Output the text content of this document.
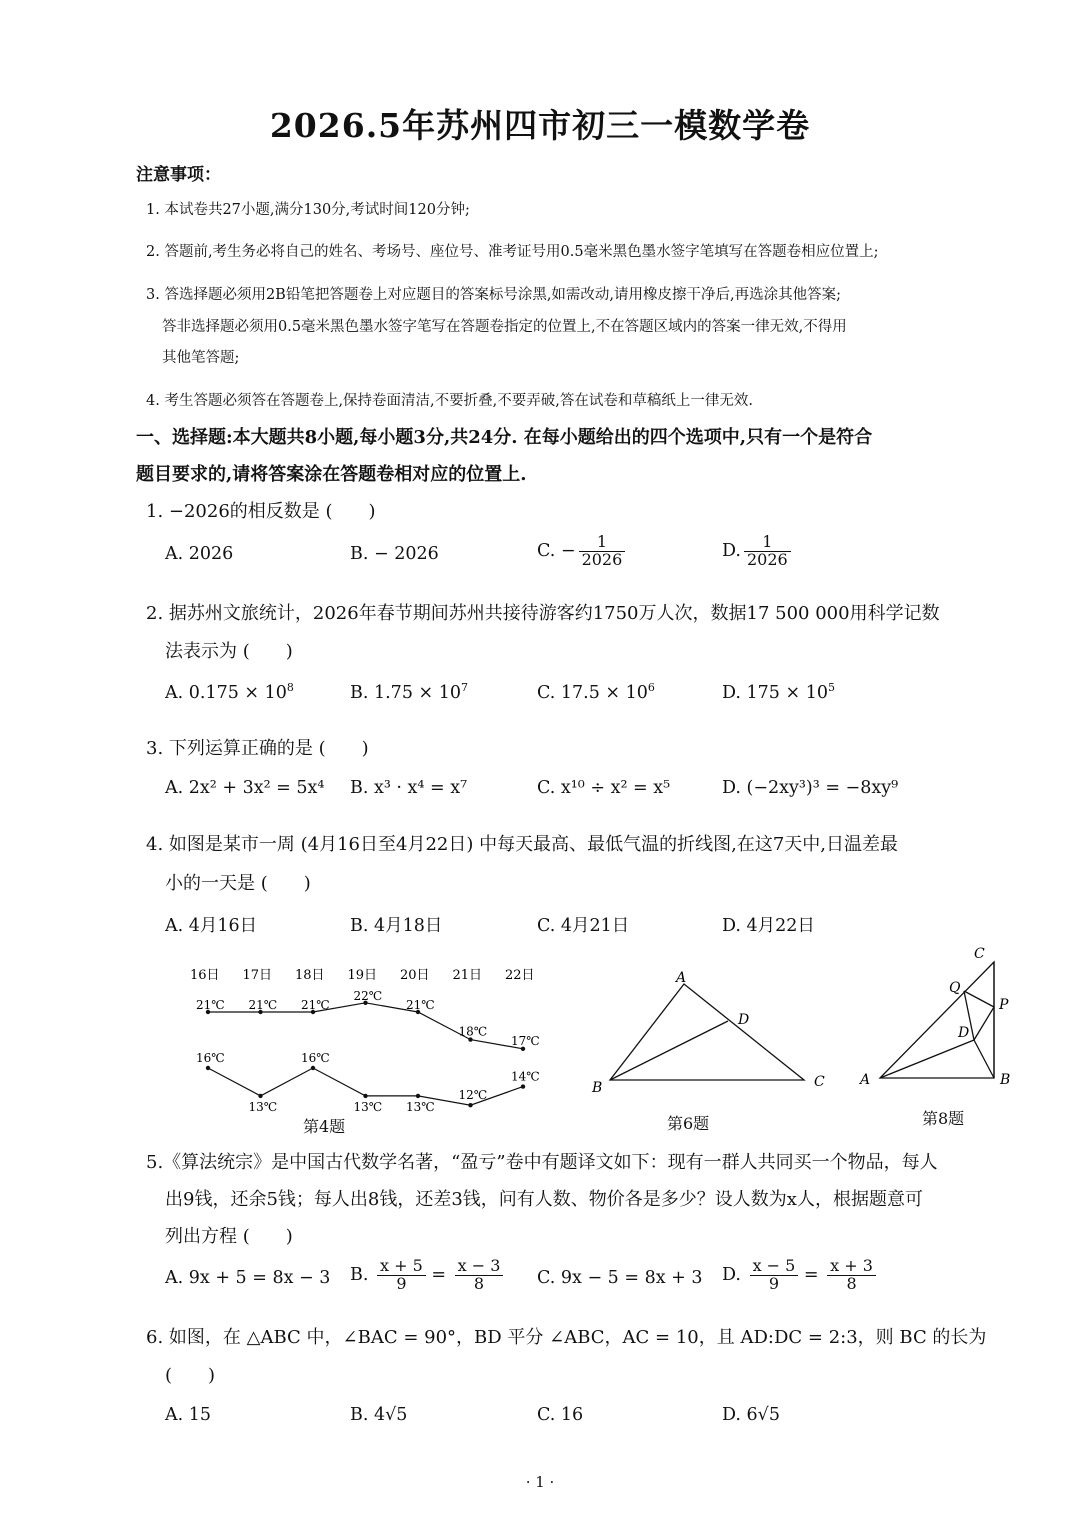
2026.5年苏州四市初三一模数学卷
注意事项：
1. 本试卷共27小题,满分130分,考试时间120分钟;
2. 答题前,考生务必将自己的姓名、考场号、座位号、准考证号用0.5毫米黑色墨水签字笔填写在答题卷相应位置上;
3. 答选择题必须用2B铅笔把答题卷上对应题目的答案标号涂黑,如需改动,请用橡皮擦干净后,再选涂其他答案;
答非选择题必须用0.5毫米黑色墨水签字笔写在答题卷指定的位置上,不在答题区域内的答案一律无效,不得用
其他笔答题;
4. 考生答题必须答在答题卷上,保持卷面清洁,不要折叠,不要弄破,答在试卷和草稿纸上一律无效.
一、选择题:本大题共8小题,每小题3分,共24分. 在每小题给出的四个选项中,只有一个是符合
题目要求的,请将答案涂在答题卷相对应的位置上.
1. −2026的相反数是 (　　)
A. 2026	B. − 2026	C. − $\frac{1}{2026}$	D. $\frac{1}{2026}$
2. 据苏州文旅统计，2026年春节期间苏州共接待游客约1750万人次，数据17 500 000用科学记数
法表示为 (　　)
A. $0.175 \times 10^8$	B. $1.75 \times 10^7$	C. $17.5 \times 10^6$	D. $175 \times 10^5$
3. 下列运算正确的是 (　　)
A. 2x² + 3x² = 5x⁴ B. x³ · x⁴ = x⁷	C. x¹⁰ ÷ x² = x⁵	D. (−2xy³)³ = −8xy⁹
4. 如图是某市一周 (4月16日至4月22日) 中每天最高、最低气温的折线图,在这7天中,日温差最
小的一天是 (　　)
A. 4月16日	B. 4月18日	C. 4月21日	D. 4月22日
16日 17日 18日 19日 20日 21日 22日
21℃
16℃
21℃
13℃
21℃
16℃
22℃
13℃
21℃
13℃
18℃
12℃
17℃
14℃
第4题
A
B	C
D
第6题
C
Q
P
D
A	B
第8题
5.《算法统宗》是中国古代数学名著，“盈亏”卷中有题译文如下：现有一群人共同买一个物品，每人
出9钱，还余5钱；每人出8钱，还差3钱，问有人数、物价各是多少？设人数为x人，根据题意可
列出方程 (　　)
A. 9x + 5 = 8x − 3 B. $\frac{x + 5}{9} = \frac{x - 3}{8} C$. 9x − 5 = 8x + 3 D. $\frac{x - 5}{9} = \frac{x + 3}{8}$
6. 如图，在 △ABC 中，∠BAC = 90°，BD 平分 ∠ABC，AC = 10，且 AD:DC = 2:3，则 BC 的长为
(　　)
A. 15	B. 4√5	C. 16	D. 6√5
· 1 ·
